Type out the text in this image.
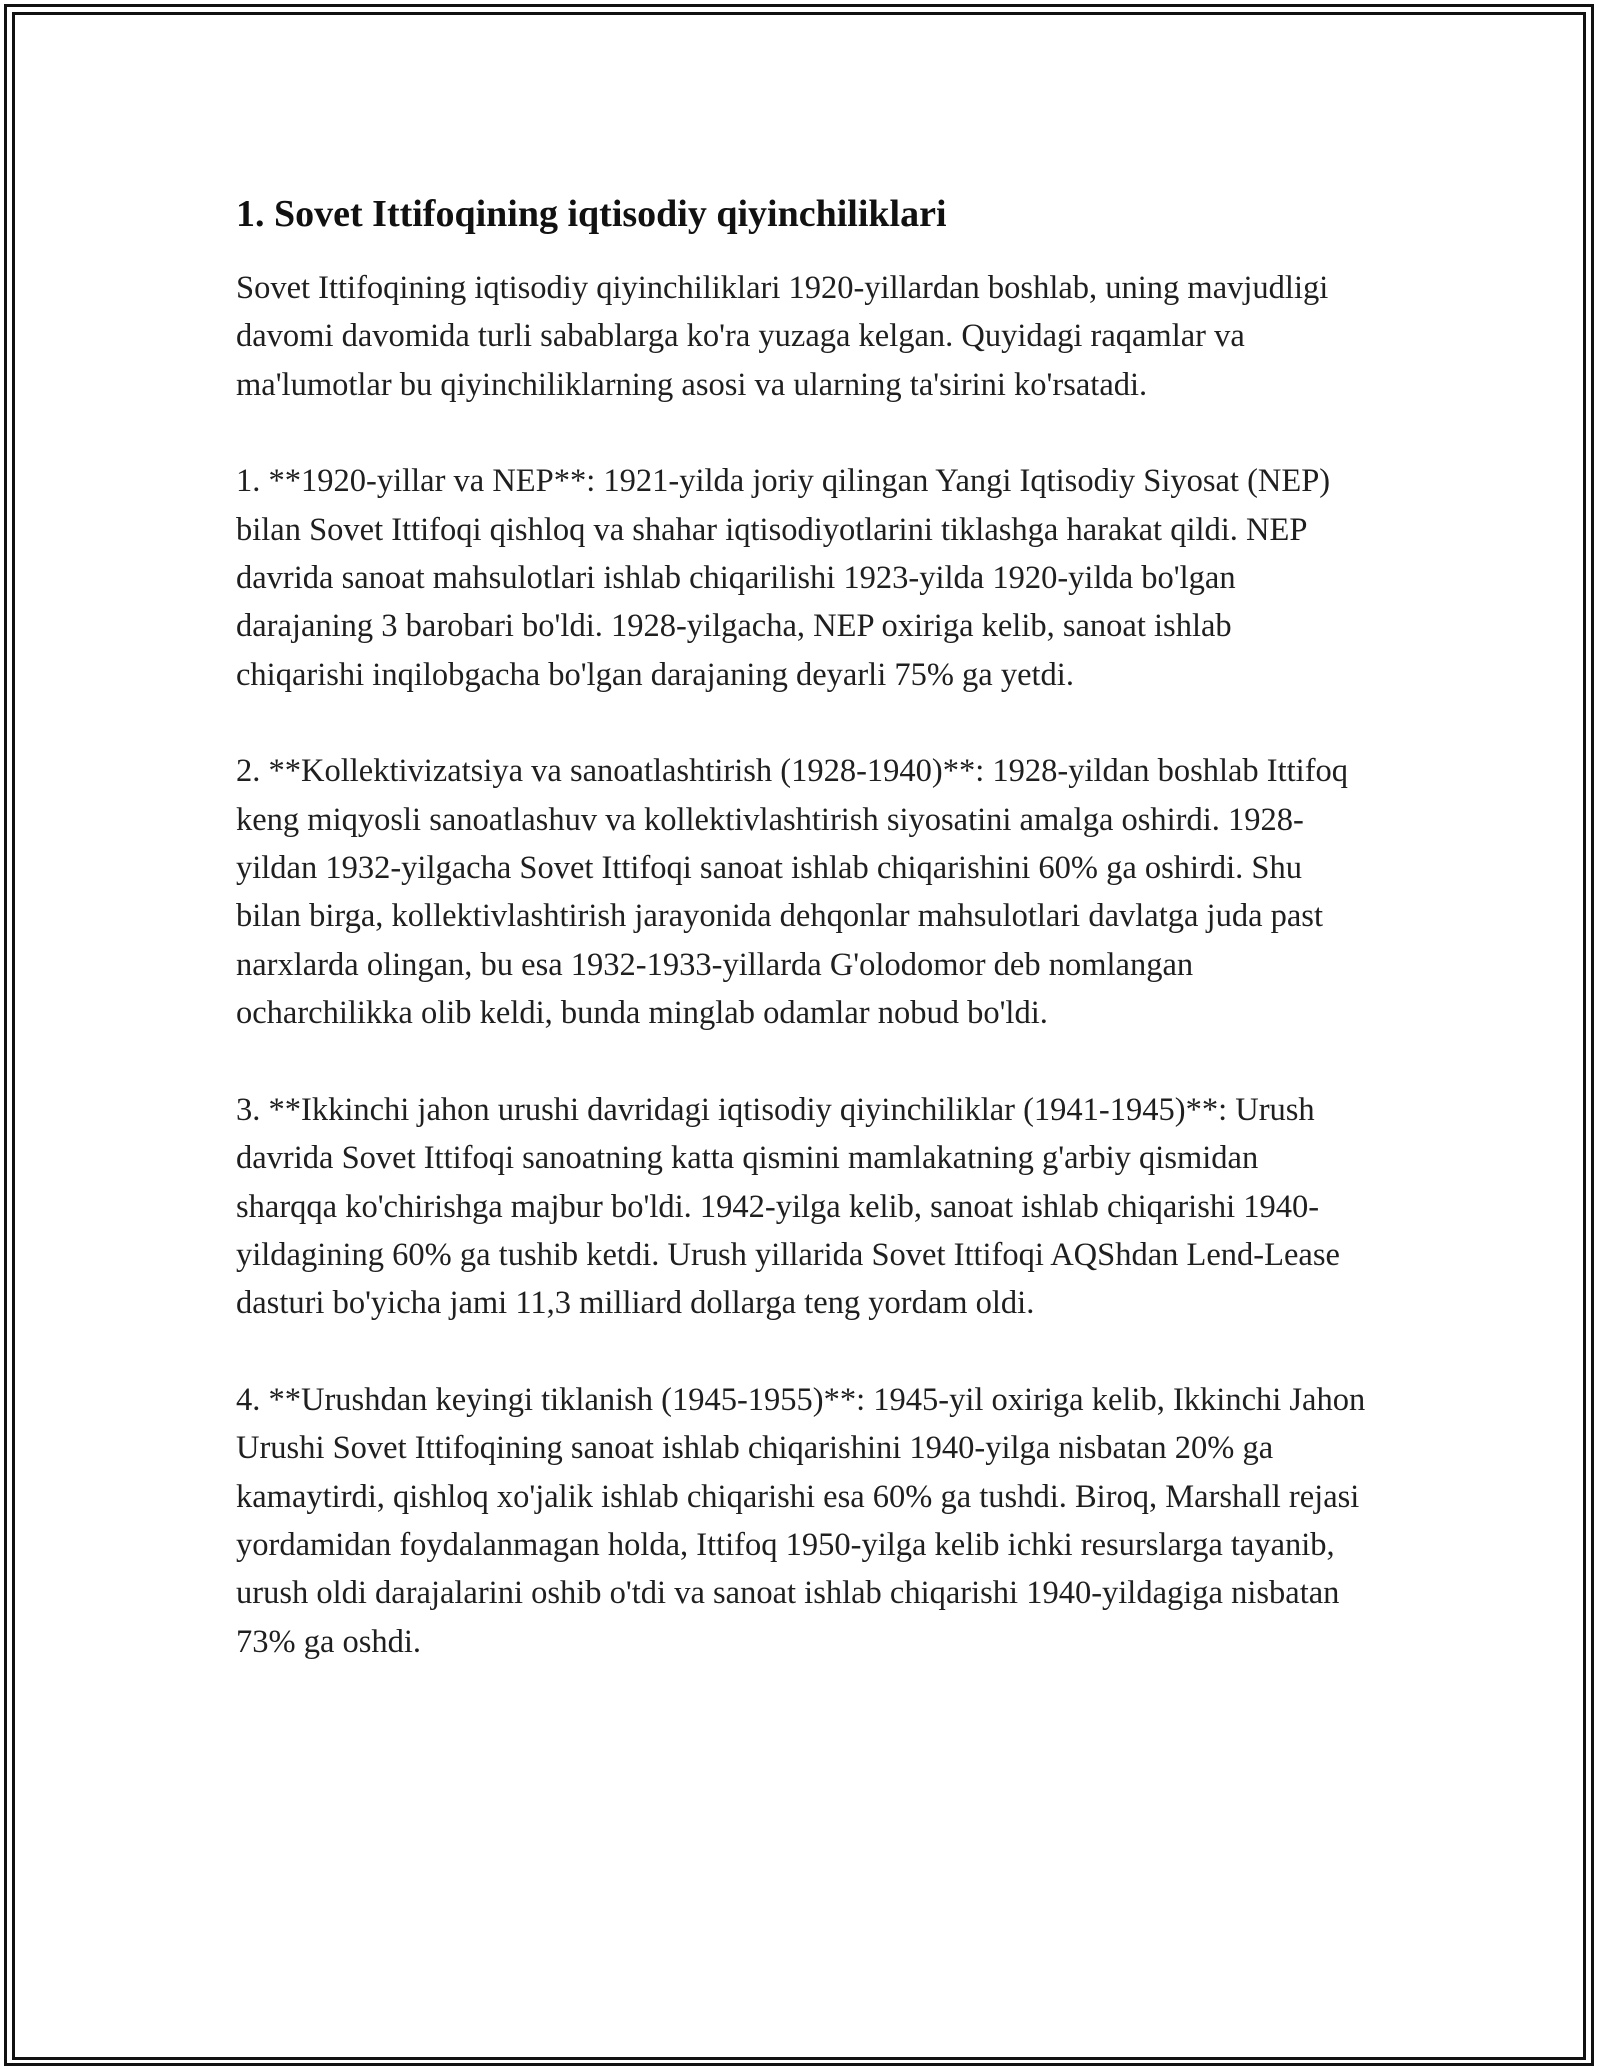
1. Sovet Ittifoqining iqtisodiy qiyinchiliklari

Sovet Ittifoqining iqtisodiy qiyinchiliklari 1920-yillardan boshlab, uning mavjudligi davomi davomida turli sabablarga ko'ra yuzaga kelgan. Quyidagi raqamlar va ma'lumotlar bu qiyinchiliklarning asosi va ularning ta'sirini ko'rsatadi.

1. **1920-yillar va NEP**: 1921-yilda joriy qilingan Yangi Iqtisodiy Siyosat (NEP) bilan Sovet Ittifoqi qishloq va shahar iqtisodiyotlarini tiklashga harakat qildi. NEP davrida sanoat mahsulotlari ishlab chiqarilishi 1923-yilda 1920-yilda bo'lgan darajaning 3 barobari bo'ldi. 1928-yilgacha, NEP oxiriga kelib, sanoat ishlab chiqarishi inqilobgacha bo'lgan darajaning deyarli 75% ga yetdi.

2. **Kollektivizatsiya va sanoatlashtirish (1928-1940)**: 1928-yildan boshlab Ittifoq keng miqyosli sanoatlashuv va kollektivlashtirish siyosatini amalga oshirdi. 1928-yildan 1932-yilgacha Sovet Ittifoqi sanoat ishlab chiqarishini 60% ga oshirdi. Shu bilan birga, kollektivlashtirish jarayonida dehqonlar mahsulotlari davlatga juda past narxlarda olingan, bu esa 1932-1933-yillarda G'olodomor deb nomlangan ocharchilikka olib keldi, bunda minglab odamlar nobud bo'ldi.

3. **Ikkinchi jahon urushi davridagi iqtisodiy qiyinchiliklar (1941-1945)**: Urush davrida Sovet Ittifoqi sanoatning katta qismini mamlakatning g'arbiy qismidan sharqqa ko'chirishga majbur bo'ldi. 1942-yilga kelib, sanoat ishlab chiqarishi 1940-yildagining 60% ga tushib ketdi. Urush yillarida Sovet Ittifoqi AQShdan Lend-Lease dasturi bo'yicha jami 11,3 milliard dollarga teng yordam oldi.

4. **Urushdan keyingi tiklanish (1945-1955)**: 1945-yil oxiriga kelib, Ikkinchi Jahon Urushi Sovet Ittifoqining sanoat ishlab chiqarishini 1940-yilga nisbatan 20% ga kamaytirdi, qishloq xo'jalik ishlab chiqarishi esa 60% ga tushdi. Biroq, Marshall rejasi yordamidan foydalanmagan holda, Ittifoq 1950-yilga kelib ichki resurslarga tayanib, urush oldi darajalarini oshib o'tdi va sanoat ishlab chiqarishi 1940-yildagiga nisbatan 73% ga oshdi.
